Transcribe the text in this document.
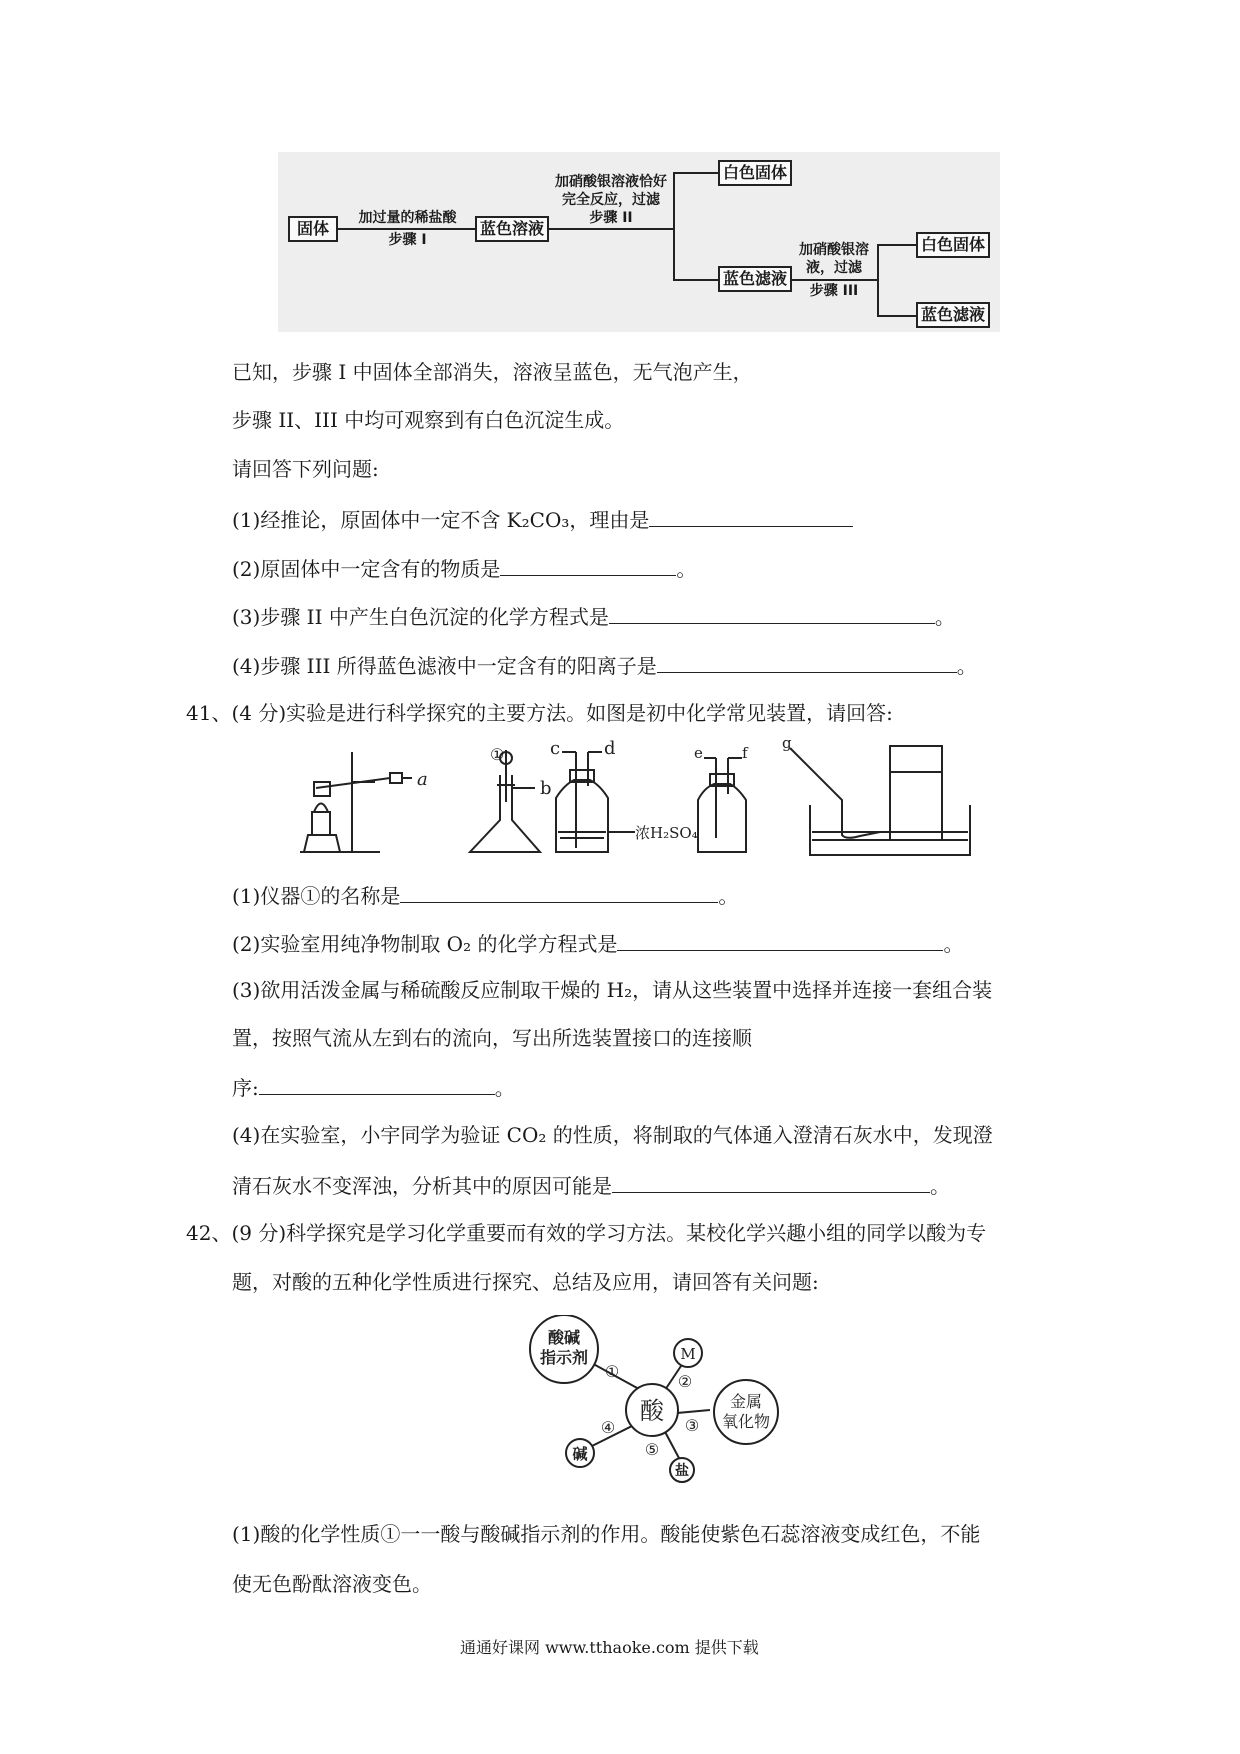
固体	蓝色溶液
白色固体
蓝色滤液
白色固体
蓝色滤液
加过量的稀盐酸
步骤 I
加硝酸银溶液恰好
完全反应，过滤
步骤 II
加硝酸银溶
液，过滤
步骤 III
已知，步骤 I 中固体全部消失，溶液呈蓝色，无气泡产生，
步骤 II、III 中均可观察到有白色沉淀生成。
请回答下列问题:
(1)经推论，原固体中一定不含 K₂CO₃，理由是
(2)原固体中一定含有的物质是	。
(3)步骤 II 中产生白色沉淀的化学方程式是	。
(4)步骤 III 所得蓝色滤液中一定含有的阳离子是	。
41、(4 分)实验是进行科学探究的主要方法。如图是初中化学常见装置，请回答:
a
①
b
c d
浓H₂SO₄
e	f
g
(1)仪器①的名称是	。
(2)实验室用纯净物制取 O₂ 的化学方程式是	。
(3)欲用活泼金属与稀硫酸反应制取干燥的 H₂，请从这些装置中选择并连接一套组合装
置，按照气流从左到右的流向，写出所选装置接口的连接顺
序:	。
(4)在实验室，小宇同学为验证 CO₂ 的性质，将制取的气体通入澄清石灰水中，发现澄
清石灰水不变浑浊，分析其中的原因可能是	。
42、(9 分)科学探究是学习化学重要而有效的学习方法。某校化学兴趣小组的同学以酸为专
题，对酸的五种化学性质进行探究、总结及应用，请回答有关问题:
酸碱
指示剂	M
酸	金属
氧化物
碱
盐
①
②
③
④
⑤
(1)酸的化学性质①一一酸与酸碱指示剂的作用。酸能使紫色石蕊溶液变成红色，不能
使无色酚酞溶液变色。
通通好课网 www.tthaoke.com 提供下载
